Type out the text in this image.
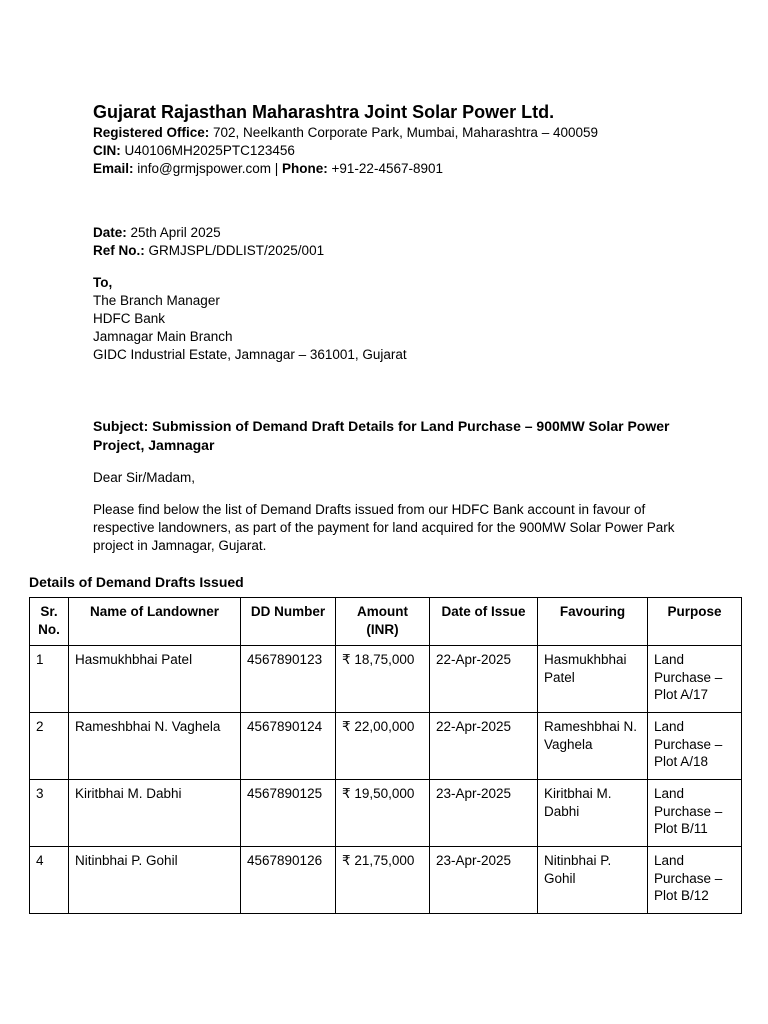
Gujarat Rajasthan Maharashtra Joint Solar Power Ltd.
Registered Office: 702, Neelkanth Corporate Park, Mumbai, Maharashtra – 400059
CIN: U40106MH2025PTC123456
Email: info@grmjspower.com | Phone: +91-22-4567-8901
Date: 25th April 2025
Ref No.: GRMJSPL/DDLIST/2025/001
To,
The Branch Manager
HDFC Bank
Jamnagar Main Branch
GIDC Industrial Estate, Jamnagar – 361001, Gujarat
Subject: Submission of Demand Draft Details for Land Purchase – 900MW Solar Power Project, Jamnagar
Dear Sir/Madam,
Please find below the list of Demand Drafts issued from our HDFC Bank account in favour of respective landowners, as part of the payment for land acquired for the 900MW Solar Power Park project in Jamnagar, Gujarat.
Details of Demand Drafts Issued
Sr. No.	Name of Landowner	DD Number	Amount (INR)	Date of Issue	Favouring	Purpose
1	Hasmukhbhai Patel	4567890123	₹ 18,75,000	22-Apr-2025	Hasmukhbhai Patel	Land Purchase – Plot A/17
2	Rameshbhai N. Vaghela	4567890124	₹ 22,00,000	22-Apr-2025	Rameshbhai N. Vaghela	Land Purchase – Plot A/18
3	Kiritbhai M. Dabhi	4567890125	₹ 19,50,000	23-Apr-2025	Kiritbhai M. Dabhi	Land Purchase – Plot B/11
4	Nitinbhai P. Gohil	4567890126	₹ 21,75,000	23-Apr-2025	Nitinbhai P. Gohil	Land Purchase – Plot B/12
